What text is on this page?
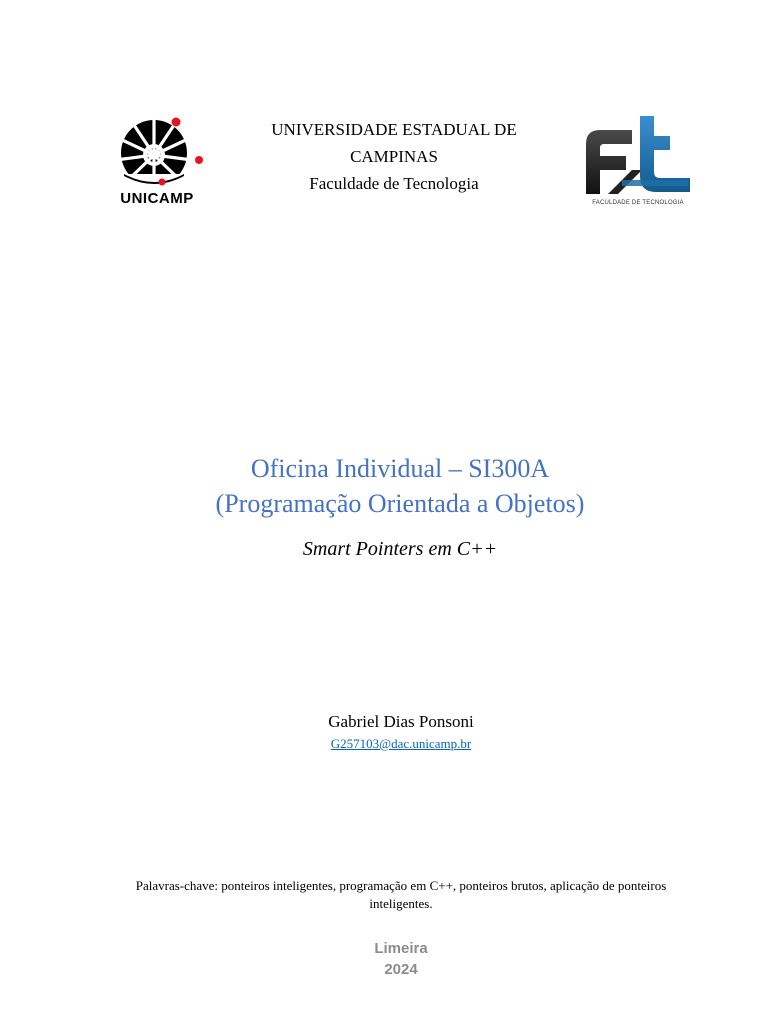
UNICAMP
UNIVERSIDADE ESTADUAL DE
CAMPINAS
Faculdade de Tecnologia
FACULDADE DE TECNOLOGIA
Oficina Individual – SI300A
(Programação Orientada a Objetos)
Smart Pointers em C++
Gabriel Dias Ponsoni
G257103@dac.unicamp.br
Palavras-chave: ponteiros inteligentes, programação em C++, ponteiros brutos, aplicação de ponteiros
inteligentes.
Limeira
2024
